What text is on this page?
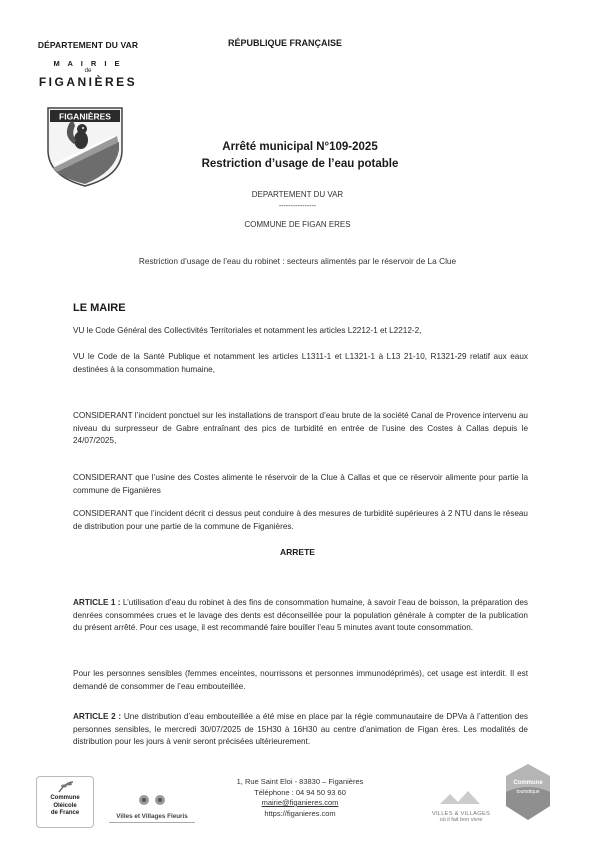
DÉPARTEMENT DU VAR
M A I R I E
de
FIGANIÈRES
RÉPUBLIQUE FRANÇAISE
FIGANIÈRES
Arrêté municipal N°109-2025
Restriction d’usage de l’eau potable
DEPARTEMENT DU VAR
----------------
COMMUNE DE FIGAN ERES
Restriction d’usage de l’eau du robinet : secteurs alimentés par le réservoir de La Clue
LE MAIRE
VU le Code Général des Collectivités Territoriales et notamment les articles L2212-1 et L2212-2,
VU le Code de la Santé Publique et notamment les articles L1311-1 et L1321-1 à L13 21-10, R1321-29 relatif aux eaux destinées à la consommation humaine,
CONSIDERANT l’incident ponctuel sur les installations de transport d’eau brute de la société Canal de Provence intervenu au niveau du surpresseur de Gabre entraînant des pics de turbidité en entrée de l’usine des Costes à Callas depuis le 24/07/2025,
CONSIDERANT que l’usine des Costes alimente le réservoir de la Clue à Callas et que ce réservoir alimente pour partie la commune de Figanières
CONSIDERANT que l’incident décrit ci dessus peut conduire à des mesures de turbidité supérieures à 2 NTU dans le réseau de distribution pour une partie de la commune de Figanières.
ARRETE
ARTICLE 1 : L’utilisation d’eau du robinet à des fins de consommation humaine, à savoir l’eau de boisson, la préparation des denrées consommées crues et le lavage des dents est déconseillée pour la population générale à compter de la publication du présent arrêté. Pour ces usage, il est recommandé faire bouiller l’eau 5 minutes avant toute consommation.
Pour les personnes sensibles (femmes enceintes, nourrissons et personnes immunodéprimés), cet usage est interdit. Il est demandé de consommer de l’eau embouteillée.
ARTICLE 2 : Une distribution d’eau embouteillée a été mise en place par la régie communautaire de DPVa à l’attention des personnes sensibles, le mercredi 30/07/2025 de 15H30 à 16H30 au centre d’animation de Figan ères. Les modalités de distribution pour les jours à venir seront précisées ultérieurement.
Commune
Oléicole
de France	Villes et Villages Fleuris
1, Rue Saint Eloi - 83830 – Figanières
Téléphone : 04 94 50 93 60
mairie@figanieres.com
https://figanieres.com	VILLES & VILLAGES
où il fait bon vivre
Commune
touristique
